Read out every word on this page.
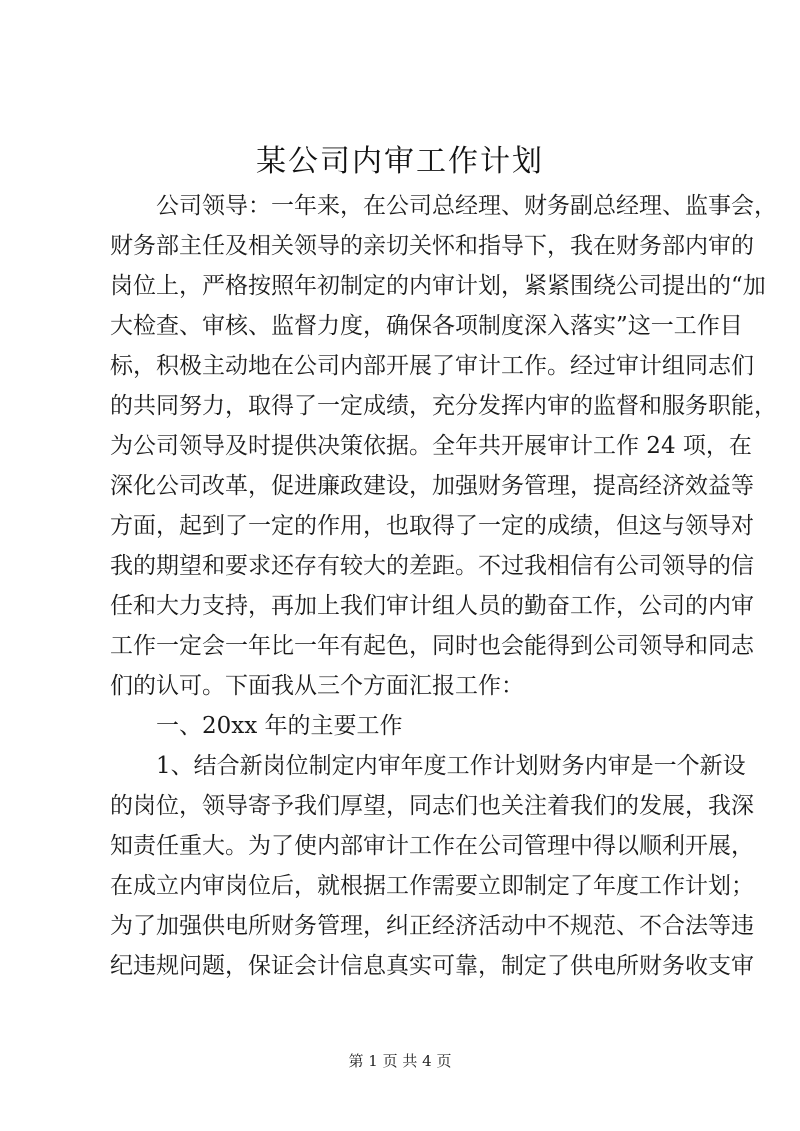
某公司内审工作计划
公司领导：一年来，在公司总经理、财务副总经理、监事会，
财务部主任及相关领导的亲切关怀和指导下，我在财务部内审的
岗位上，严格按照年初制定的内审计划，紧紧围绕公司提出的“加
大检查、审核、监督力度，确保各项制度深入落实”这一工作目
标，积极主动地在公司内部开展了审计工作。经过审计组同志们
的共同努力，取得了一定成绩，充分发挥内审的监督和服务职能，
为公司领导及时提供决策依据。全年共开展审计工作 24 项，在
深化公司改革，促进廉政建设，加强财务管理，提高经济效益等
方面，起到了一定的作用，也取得了一定的成绩，但这与领导对
我的期望和要求还存有较大的差距。不过我相信有公司领导的信
任和大力支持，再加上我们审计组人员的勤奋工作，公司的内审
工作一定会一年比一年有起色，同时也会能得到公司领导和同志
们的认可。下面我从三个方面汇报工作：
一、20xx 年的主要工作
1、结合新岗位制定内审年度工作计划财务内审是一个新设
的岗位，领导寄予我们厚望，同志们也关注着我们的发展，我深
知责任重大。为了使内部审计工作在公司管理中得以顺利开展，
在成立内审岗位后，就根据工作需要立即制定了年度工作计划；
为了加强供电所财务管理，纠正经济活动中不规范、不合法等违
纪违规问题，保证会计信息真实可靠，制定了供电所财务收支审
第 1 页 共 4 页
